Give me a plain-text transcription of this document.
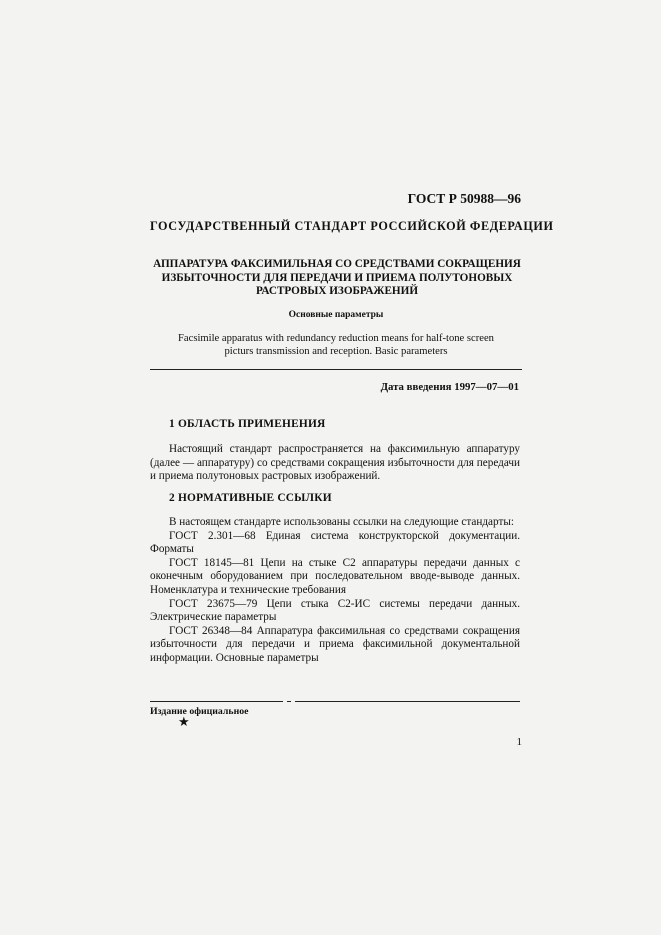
ГОСТ Р 50988—96
ГОСУДАРСТВЕННЫЙ СТАНДАРТ РОССИЙСКОЙ ФЕДЕРАЦИИ
АППАРАТУРА ФАКСИМИЛЬНАЯ СО СРЕДСТВАМИ СОКРАЩЕНИЯ
ИЗБЫТОЧНОСТИ ДЛЯ ПЕРЕДАЧИ И ПРИЕМА ПОЛУТОНОВЫХ
РАСТРОВЫХ ИЗОБРАЖЕНИЙ
Основные параметры
Facsimile apparatus with redundancy reduction means for half-tone screen
picturs transmission and reception. Basic parameters
Дата введения 1997—07—01
1 ОБЛАСТЬ ПРИМЕНЕНИЯ

Настоящий стандарт распространяется на факсимильную аппаратуру (далее — аппаратуру) со средствами сокращения избыточности для передачи и приема полутоновых растровых изображений.

2 НОРМАТИВНЫЕ ССЫЛКИ

В настоящем стандарте использованы ссылки на следующие стандарты:

ГОСТ 2.301—68 Единая система конструкторской документации. Форматы

ГОСТ 18145—81 Цепи на стыке С2 аппаратуры передачи данных с оконечным оборудованием при последовательном вводе-выводе данных. Номенклатура и технические требования

ГОСТ 23675—79 Цепи стыка С2-ИС системы передачи данных. Электрические параметры

ГОСТ 26348—84 Аппаратура факсимильная со средствами сокращения избыточности для передачи и приема факсимильной документальной информации. Основные параметры

Издание официальное
★
1
